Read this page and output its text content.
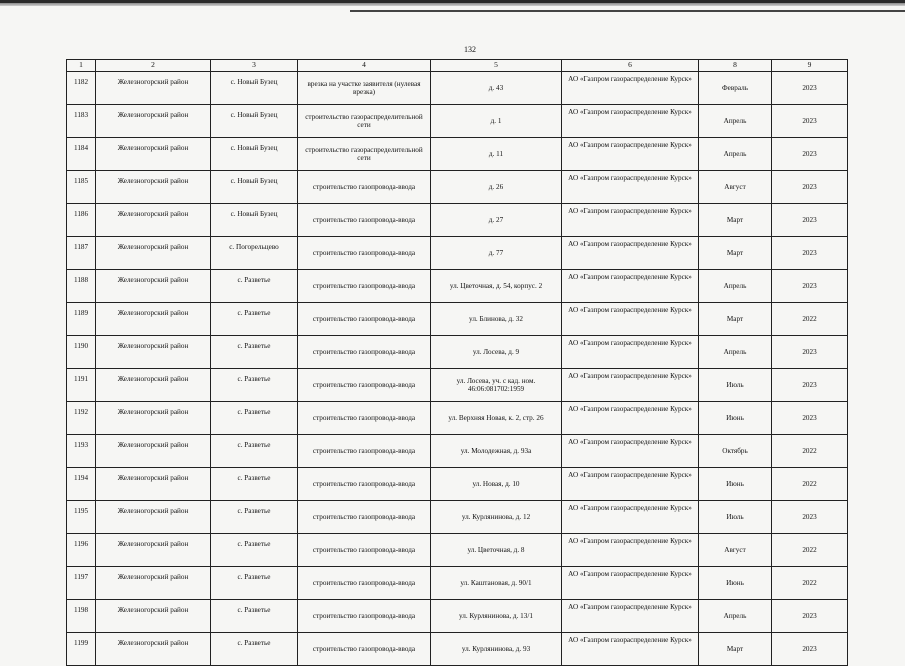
132
1	2	3	4	5	6	8	9
1182	Железногорский район	с. Новый Бузец	врезка на участке заявителя (нулевая врезка)	д. 43	АО «Газпром газораспределение Курск»	Февраль	2023
1183	Железногорский район	с. Новый Бузец	строительство газораспределительной сети	д. 1	АО «Газпром газораспределение Курск»	Апрель	2023
1184	Железногорский район	с. Новый Бузец	строительство газораспределительной сети	д. 11	АО «Газпром газораспределение Курск»	Апрель	2023
1185	Железногорский район	с. Новый Бузец	строительство газопровода-ввода	д. 26	АО «Газпром газораспределение Курск»	Август	2023
1186	Железногорский район	с. Новый Бузец	строительство газопровода-ввода	д. 27	АО «Газпром газораспределение Курск»	Март	2023
1187	Железногорский район	с. Погорельцево	строительство газопровода-ввода	д. 77	АО «Газпром газораспределение Курск»	Март	2023
1188	Железногорский район	с. Разветье	строительство газопровода-ввода	ул. Цветочная, д. 54, корпус. 2	АО «Газпром газораспределение Курск»	Апрель	2023
1189	Железногорский район	с. Разветье	строительство газопровода-ввода	ул. Блинова, д. 32	АО «Газпром газораспределение Курск»	Март	2022
1190	Железногорский район	с. Разветье	строительство газопровода-ввода	ул. Лосева, д. 9	АО «Газпром газораспределение Курск»	Апрель	2023
1191	Железногорский район	с. Разветье	строительство газопровода-ввода	ул. Лосева, уч. с кад. ном. 46:06:081702:1959	АО «Газпром газораспределение Курск»	Июль	2023
1192	Железногорский район	с. Разветье	строительство газопровода-ввода	ул. Верхняя Новая, к. 2, стр. 26	АО «Газпром газораспределение Курск»	Июнь	2023
1193	Железногорский район	с. Разветье	строительство газопровода-ввода	ул. Молодежная, д. 93а	АО «Газпром газораспределение Курск»	Октябрь	2022
1194	Железногорский район	с. Разветье	строительство газопровода-ввода	ул. Новая, д. 10	АО «Газпром газораспределение Курск»	Июнь	2022
1195	Железногорский район	с. Разветье	строительство газопровода-ввода	ул. Курлянинова, д. 12	АО «Газпром газораспределение Курск»	Июль	2023
1196	Железногорский район	с. Разветье	строительство газопровода-ввода	ул. Цветочная, д. 8	АО «Газпром газораспределение Курск»	Август	2022
1197	Железногорский район	с. Разветье	строительство газопровода-ввода	ул. Каштановая, д. 90/1	АО «Газпром газораспределение Курск»	Июнь	2022
1198	Железногорский район	с. Разветье	строительство газопровода-ввода	ул. Курлянинова, д. 13/1	АО «Газпром газораспределение Курск»	Апрель	2023
1199	Железногорский район	с. Разветье	строительство газопровода-ввода	ул. Курлянинова, д. 93	АО «Газпром газораспределение Курск»	Март	2023
